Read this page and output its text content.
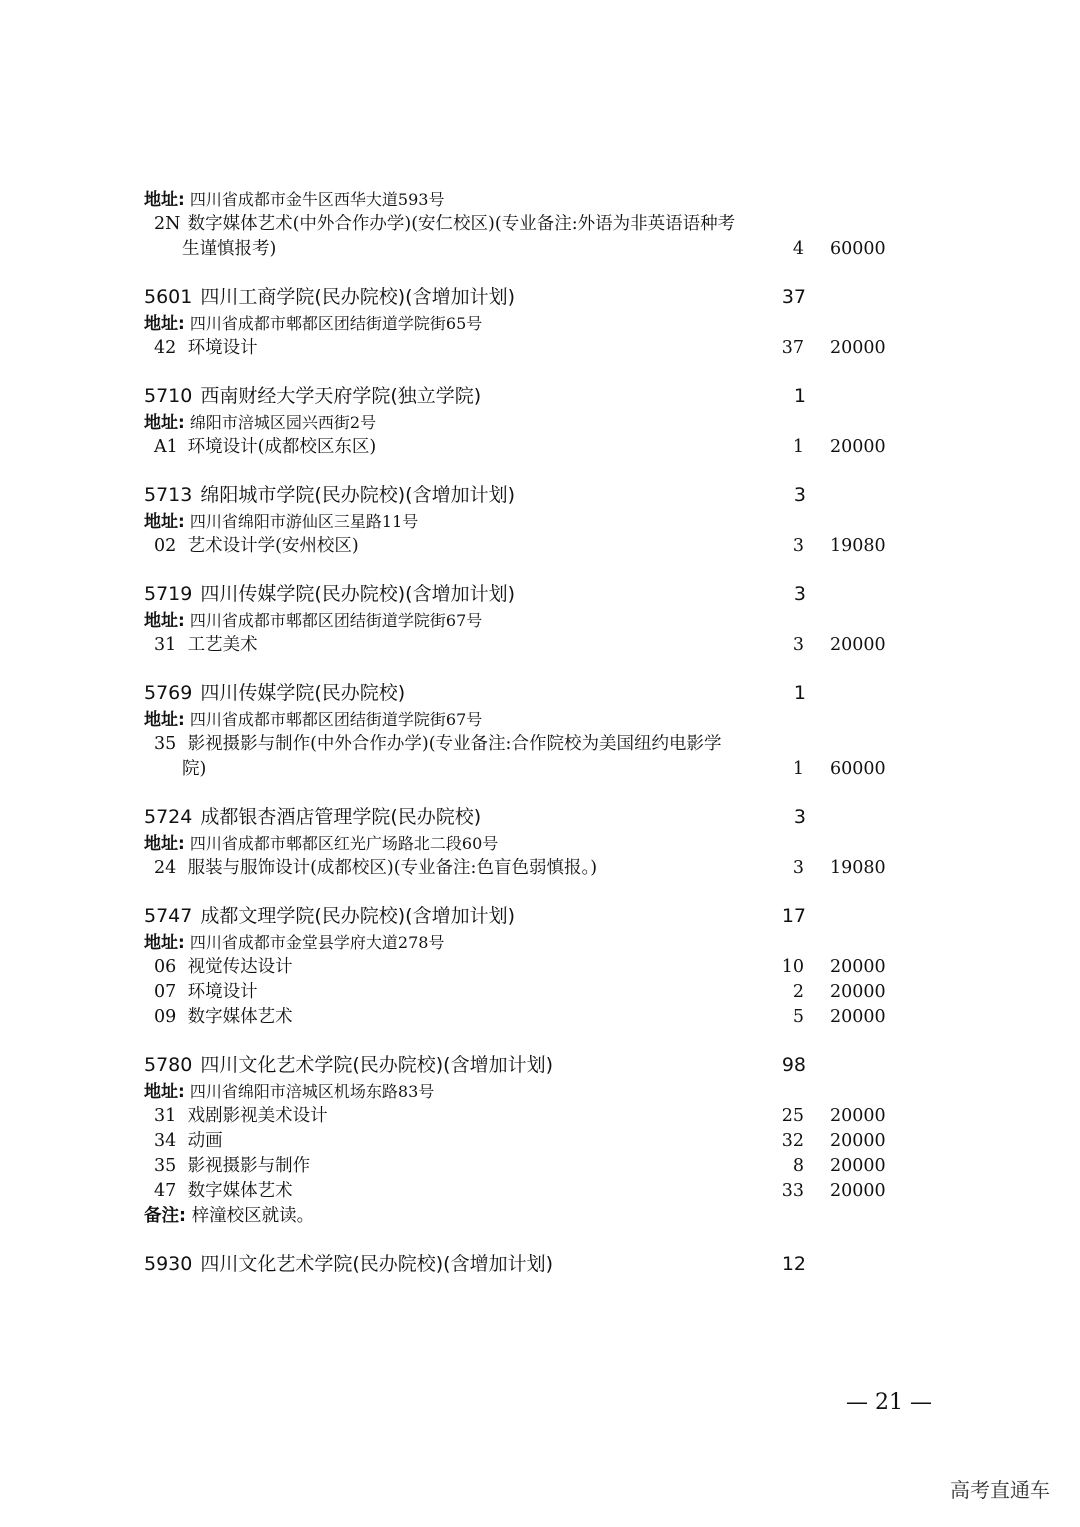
地址: 四川省成都市金牛区西华大道593号
2N 数字媒体艺术(中外合作办学)(安仁校区)(专业备注:外语为非英语语种考
生谨慎报考)	4 60000
5601 四川工商学院(民办院校)(含增加计划)	37
地址: 四川省成都市郫都区团结街道学院街65号
42 环境设计	37 20000
5710 西南财经大学天府学院(独立学院)	1
地址: 绵阳市涪城区园兴西街2号
A1 环境设计(成都校区东区)	1 20000
5713 绵阳城市学院(民办院校)(含增加计划)	3
地址: 四川省绵阳市游仙区三星路11号
02 艺术设计学(安州校区)	3 19080
5719 四川传媒学院(民办院校)(含增加计划)	3
地址: 四川省成都市郫都区团结街道学院街67号
31 工艺美术	3 20000
5769 四川传媒学院(民办院校)	1
地址: 四川省成都市郫都区团结街道学院街67号
35 影视摄影与制作(中外合作办学)(专业备注:合作院校为美国纽约电影学
院)	1 60000
5724 成都银杏酒店管理学院(民办院校)	3
地址: 四川省成都市郫都区红光广场路北二段60号
24 服装与服饰设计(成都校区)(专业备注:色盲色弱慎报。)	3 19080
5747 成都文理学院(民办院校)(含增加计划)	17
地址: 四川省成都市金堂县学府大道278号
06 视觉传达设计	10 20000
07 环境设计	2 20000
09 数字媒体艺术	5 20000
5780 四川文化艺术学院(民办院校)(含增加计划)	98
地址: 四川省绵阳市涪城区机场东路83号
31 戏剧影视美术设计	25 20000
34 动画	32 20000
35 影视摄影与制作	8 20000
47 数字媒体艺术	33 20000
备注: 梓潼校区就读。
5930 四川文化艺术学院(民办院校)(含增加计划)	12
— 21 —
高考直通车
